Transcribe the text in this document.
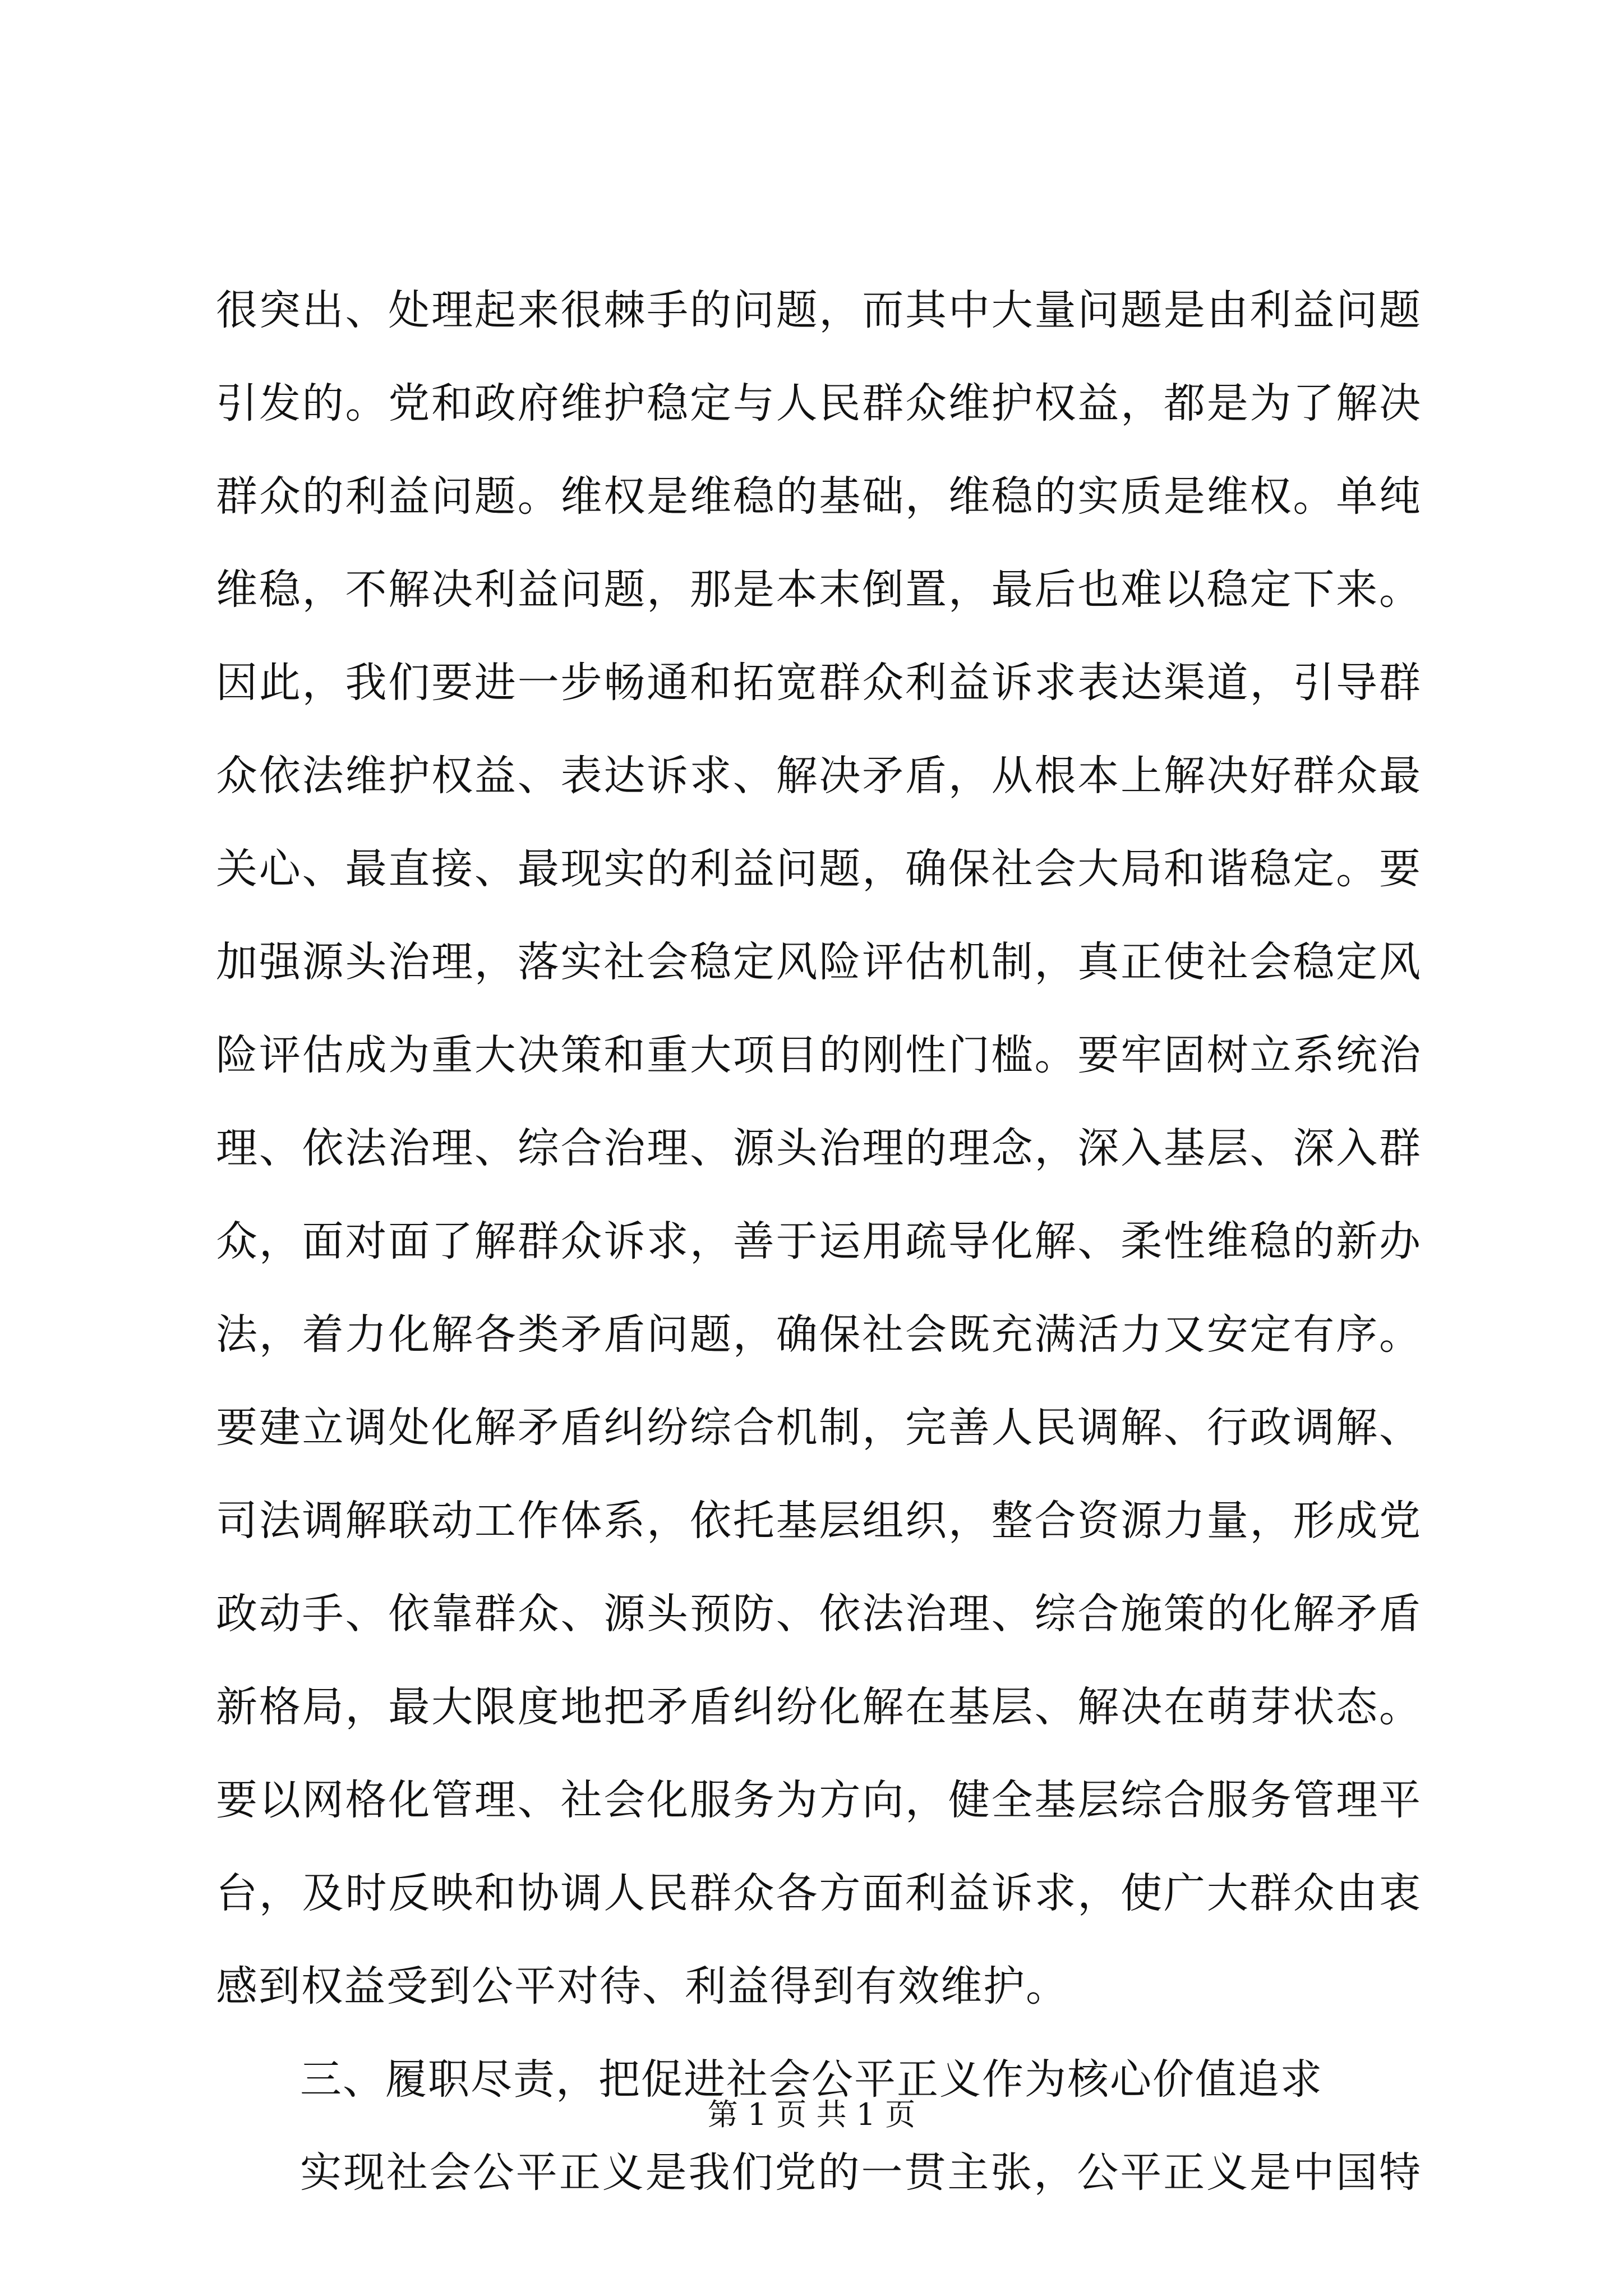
很突出、处理起来很棘手的问题，而其中大量问题是由利益问题
引发的。党和政府维护稳定与人民群众维护权益，都是为了解决
群众的利益问题。维权是维稳的基础，维稳的实质是维权。单纯
维稳，不解决利益问题，那是本末倒置，最后也难以稳定下来。
因此，我们要进一步畅通和拓宽群众利益诉求表达渠道，引导群
众依法维护权益、表达诉求、解决矛盾，从根本上解决好群众最
关心、最直接、最现实的利益问题，确保社会大局和谐稳定。要
加强源头治理，落实社会稳定风险评估机制，真正使社会稳定风
险评估成为重大决策和重大项目的刚性门槛。要牢固树立系统治
理、依法治理、综合治理、源头治理的理念，深入基层、深入群
众，面对面了解群众诉求，善于运用疏导化解、柔性维稳的新办
法，着力化解各类矛盾问题，确保社会既充满活力又安定有序。
要建立调处化解矛盾纠纷综合机制，完善人民调解、行政调解、
司法调解联动工作体系，依托基层组织，整合资源力量，形成党
政动手、依靠群众、源头预防、依法治理、综合施策的化解矛盾
新格局，最大限度地把矛盾纠纷化解在基层、解决在萌芽状态。
要以网格化管理、社会化服务为方向，健全基层综合服务管理平
台，及时反映和协调人民群众各方面利益诉求，使广大群众由衷
感到权益受到公平对待、利益得到有效维护。
三、履职尽责，把促进社会公平正义作为核心价值追求
实现社会公平正义是我们党的一贯主张，公平正义是中国特
第 1 页 共 1 页
